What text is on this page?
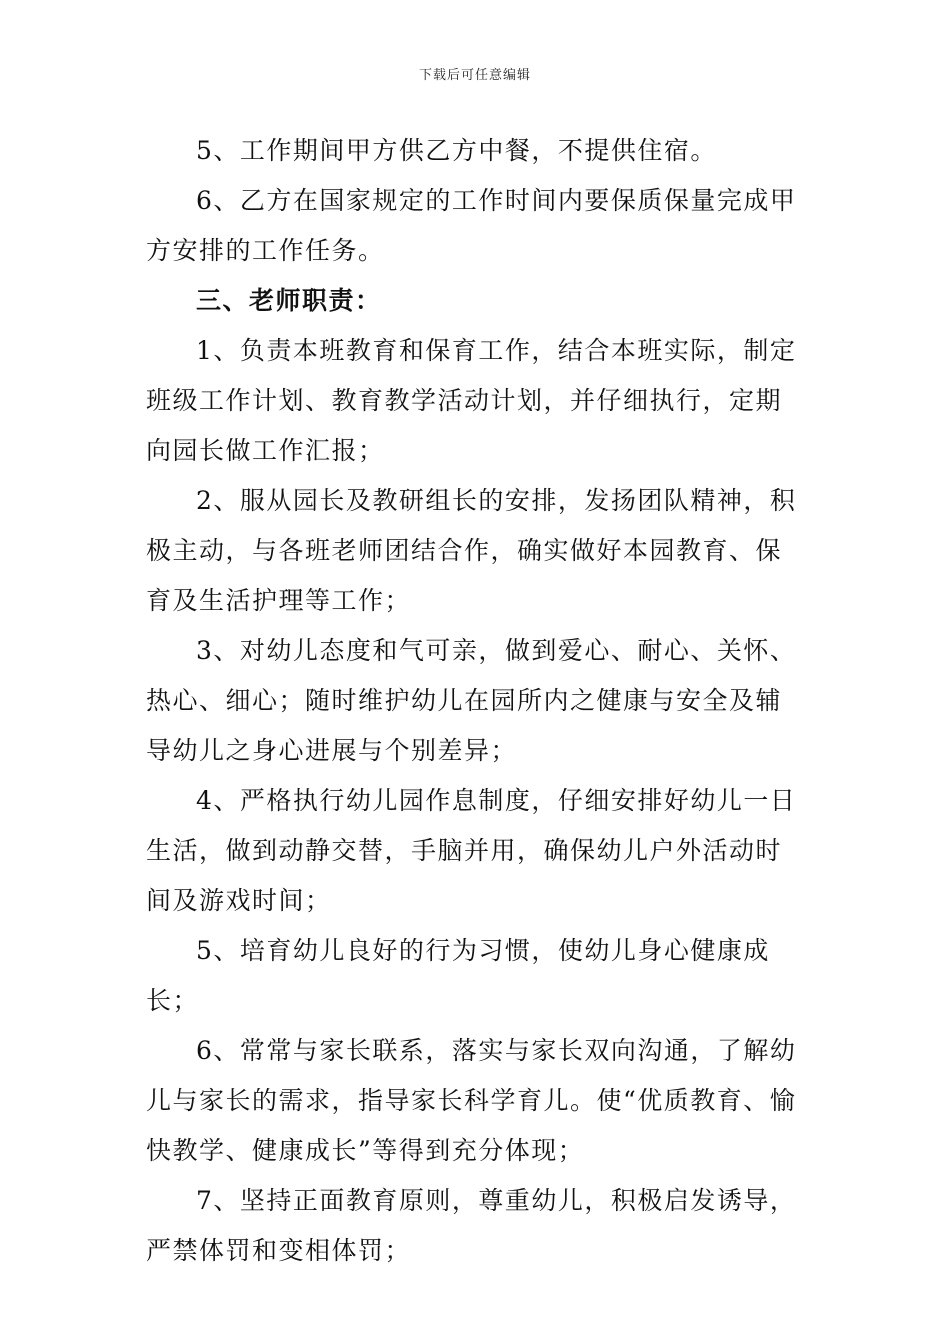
下载后可任意编辑

5、工作期间甲方供乙方中餐，不提供住宿。

6、乙方在国家规定的工作时间内要保质保量完成甲方安排的工作任务。

三、老师职责：

1、负责本班教育和保育工作，结合本班实际，制定班级工作计划、教育教学活动计划，并仔细执行，定期向园长做工作汇报；

2、服从园长及教研组长的安排，发扬团队精神，积极主动，与各班老师团结合作，确实做好本园教育、保育及生活护理等工作；

3、对幼儿态度和气可亲，做到爱心、耐心、关怀、热心、细心；随时维护幼儿在园所内之健康与安全及辅导幼儿之身心进展与个别差异；

4、严格执行幼儿园作息制度，仔细安排好幼儿一日生活，做到动静交替，手脑并用，确保幼儿户外活动时间及游戏时间；

5、培育幼儿良好的行为习惯，使幼儿身心健康成长；

6、常常与家长联系，落实与家长双向沟通，了解幼儿与家长的需求，指导家长科学育儿。使“优质教育、愉快教学、健康成长”等得到充分体现；

7、坚持正面教育原则，尊重幼儿，积极启发诱导，严禁体罚和变相体罚；
